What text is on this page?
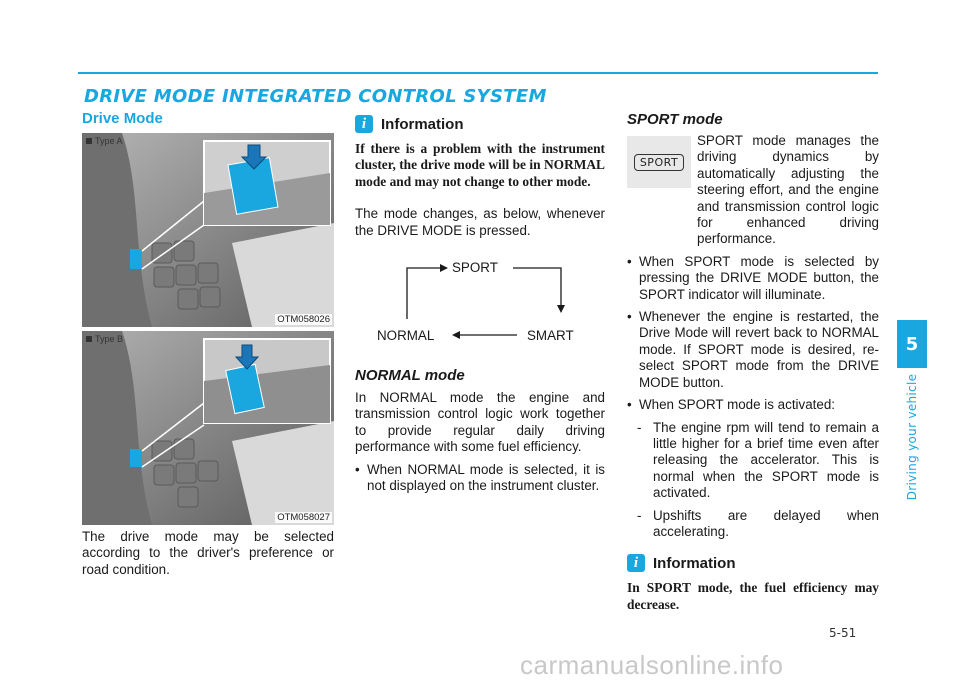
DRIVE MODE INTEGRATED CONTROL SYSTEM
5
Driving your vehicle
Drive Mode
Type A
OTM058026
Type B
OTM058027
The drive mode may be selected according to the driver's preference or road condition.
i Information
If there is a problem with the instrument cluster, the drive mode will be in NORMAL mode and may not change to other mode.
The mode changes, as below, whenever the DRIVE MODE is pressed.
SPORT
NORMAL	SMART
NORMAL mode
In NORMAL mode the engine and transmission control logic work together to provide regular daily driving performance with some fuel efficiency.
• When NORMAL mode is selected, it is not displayed on the instrument cluster.
SPORT mode
SPORT
SPORT mode manages the driving dynamics by automatically adjusting the steering effort, and the engine and transmission control logic for enhanced driving performance.
• When SPORT mode is selected by pressing the DRIVE MODE button, the SPORT indicator will illuminate.
• Whenever the engine is restarted, the Drive Mode will revert back to NORMAL mode. If SPORT mode is desired, re-select SPORT mode from the DRIVE MODE button.
• When SPORT mode is activated:
- The engine rpm will tend to remain a little higher for a brief time even after releasing the accelerator. This is normal when the SPORT mode is activated.
- Upshifts are delayed when accelerating.
i Information
In SPORT mode, the fuel efficiency may decrease.
5-51
carmanualsonline.info
